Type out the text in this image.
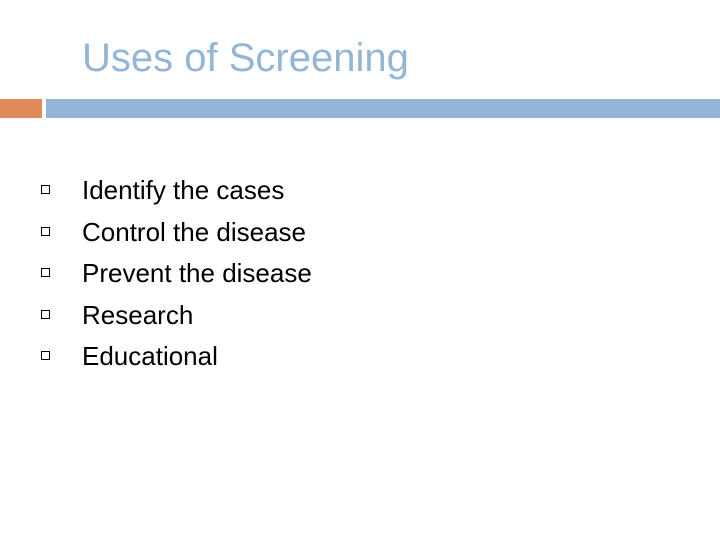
Uses of Screening
Identify the cases
Control the disease
Prevent the disease
Research
Educational
